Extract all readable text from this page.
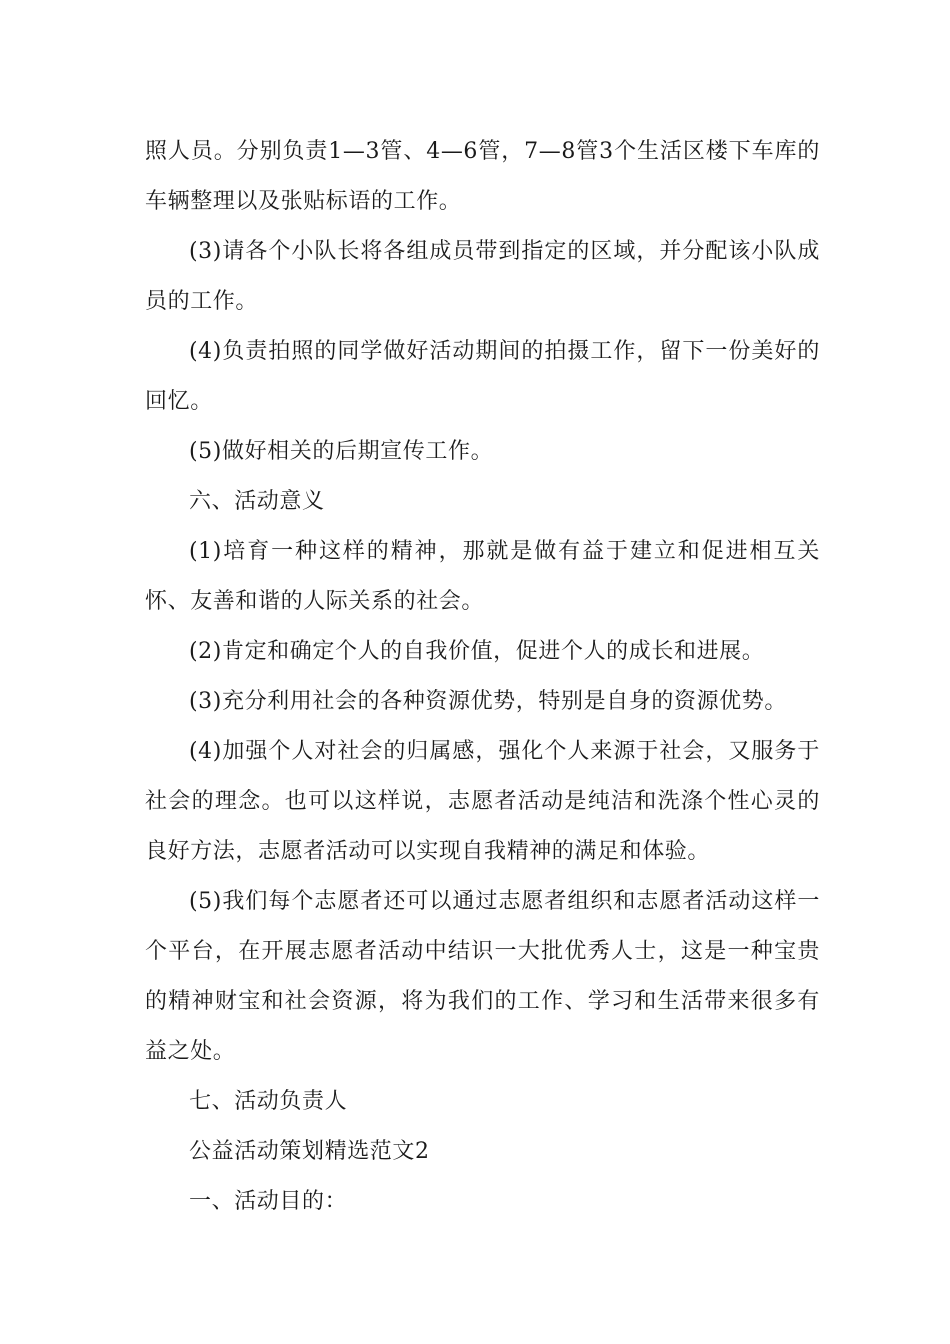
照人员。分别负责1—3管、4—6管，7—8管3个生活区楼下车库的车辆整理以及张贴标语的工作。

(3)请各个小队长将各组成员带到指定的区域，并分配该小队成员的工作。

(4)负责拍照的同学做好活动期间的拍摄工作，留下一份美好的回忆。

(5)做好相关的后期宣传工作。

六、活动意义

(1)培育一种这样的精神，那就是做有益于建立和促进相互关怀、友善和谐的人际关系的社会。

(2)肯定和确定个人的自我价值，促进个人的成长和进展。

(3)充分利用社会的各种资源优势，特别是自身的资源优势。

(4)加强个人对社会的归属感，强化个人来源于社会，又服务于社会的理念。也可以这样说，志愿者活动是纯洁和洗涤个性心灵的良好方法，志愿者活动可以实现自我精神的满足和体验。

(5)我们每个志愿者还可以通过志愿者组织和志愿者活动这样一个平台，在开展志愿者活动中结识一大批优秀人士，这是一种宝贵的精神财宝和社会资源，将为我们的工作、学习和生活带来很多有益之处。

七、活动负责人

公益活动策划精选范文2

一、活动目的：
